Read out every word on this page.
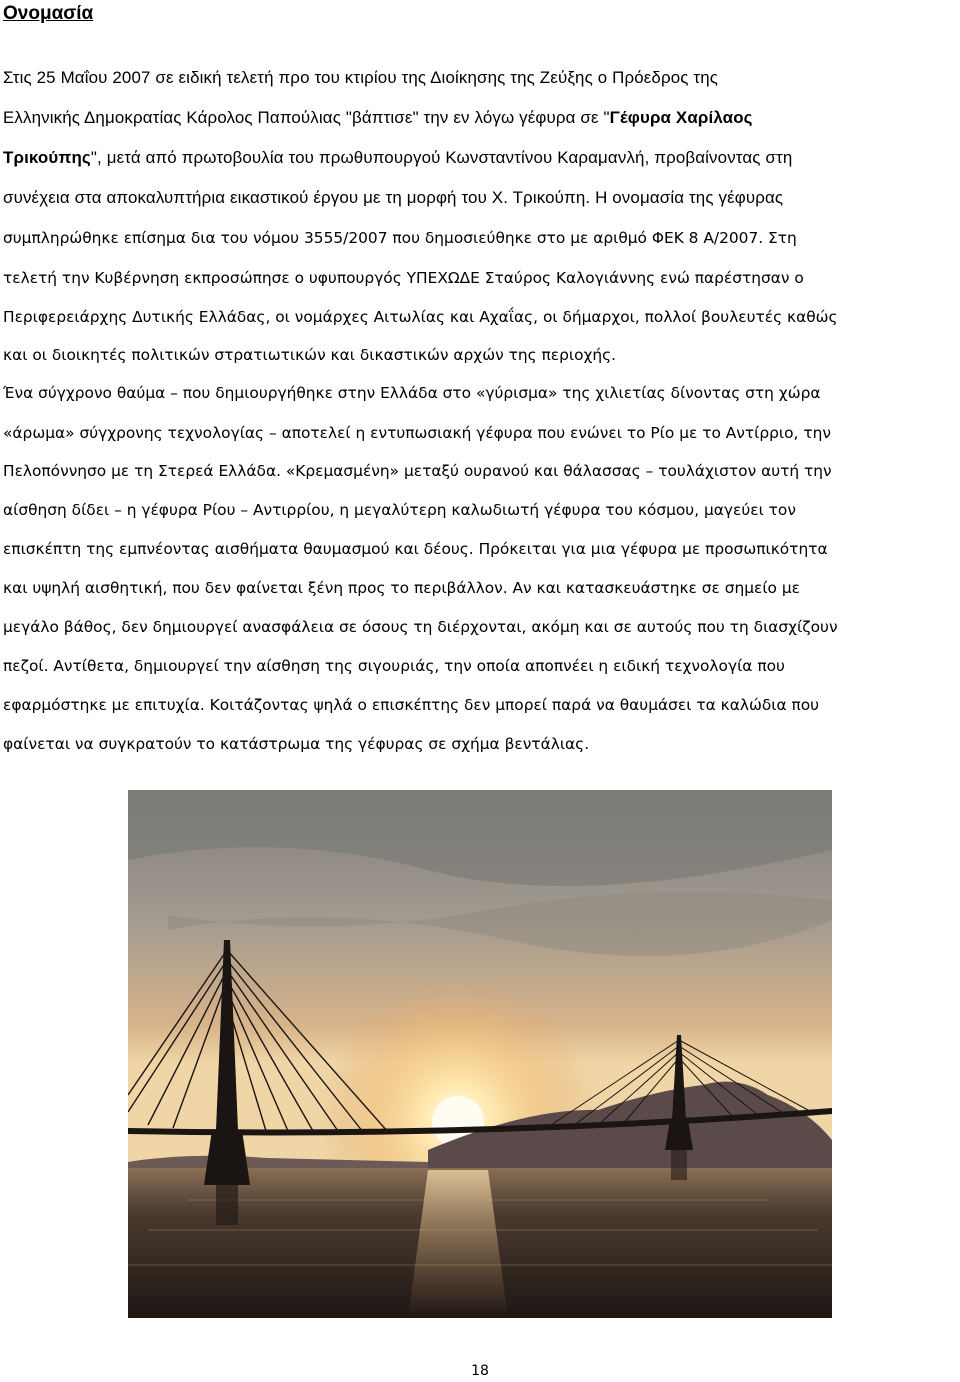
Ονομασία
Στις 25 Μαΐου 2007 σε ειδική τελετή προ του κτιρίου της Διοίκησης της Ζεύξης ο Πρόεδρος της
Ελληνικής Δημοκρατίας Κάρολος Παπούλιας "βάπτισε" την εν λόγω γέφυρα σε "Γέφυρα Χαρίλαος
Τρικούπης", μετά από πρωτοβουλία του πρωθυπουργού Κωνσταντίνου Καραμανλή, προβαίνοντας στη
συνέχεια στα αποκαλυπτήρια εικαστικού έργου με τη μορφή του Χ. Τρικούπη. Η ονομασία της γέφυρας
συμπληρώθηκε επίσημα δια του νόμου 3555/2007 που δημοσιεύθηκε στο με αριθμό ΦΕΚ 8 Α/2007. Στη
τελετή την Κυβέρνηση εκπροσώπησε ο υφυπουργός ΥΠΕΧΩΔΕ Σταύρος Καλογιάννης ενώ παρέστησαν ο
Περιφερειάρχης Δυτικής Ελλάδας, οι νομάρχες Αιτωλίας και Αχαΐας, οι δήμαρχοι, πολλοί βουλευτές καθώς
και οι διοικητές πολιτικών στρατιωτικών και δικαστικών αρχών της περιοχής.
Ένα σύγχρονο θαύμα – που δημιουργήθηκε στην Ελλάδα στο «γύρισμα» της χιλιετίας δίνοντας στη χώρα
«άρωμα» σύγχρονης τεχνολογίας – αποτελεί η εντυπωσιακή γέφυρα που ενώνει το Ρίο με το Αντίρριο, την
Πελοπόννησο με τη Στερεά Ελλάδα. «Κρεμασμένη» μεταξύ ουρανού και θάλασσας – τουλάχιστον αυτή την
αίσθηση δίδει – η γέφυρα Ρίου – Αντιρρίου, η μεγαλύτερη καλωδιωτή γέφυρα του κόσμου, μαγεύει τον
επισκέπτη της εμπνέοντας αισθήματα θαυμασμού και δέους. Πρόκειται για μια γέφυρα με προσωπικότητα
και υψηλή αισθητική, που δεν φαίνεται ξένη προς το περιβάλλον. Αν και κατασκευάστηκε σε σημείο με
μεγάλο βάθος, δεν δημιουργεί ανασφάλεια σε όσους τη διέρχονται, ακόμη και σε αυτούς που τη διασχίζουν
πεζοί. Αντίθετα, δημιουργεί την αίσθηση της σιγουριάς, την οποία αποπνέει η ειδική τεχνολογία που
εφαρμόστηκε με επιτυχία. Κοιτάζοντας ψηλά ο επισκέπτης δεν μπορεί παρά να θαυμάσει τα καλώδια που
φαίνεται να συγκρατούν το κατάστρωμα της γέφυρας σε σχήμα βεντάλιας.
18
